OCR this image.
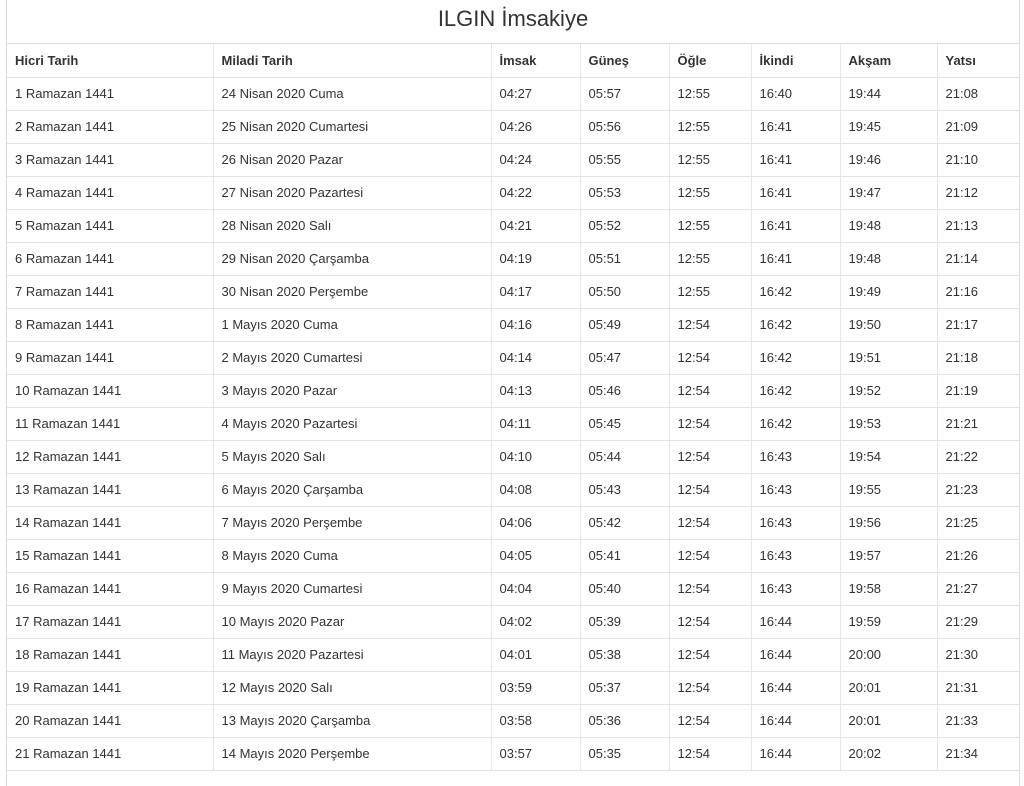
ILGIN İmsakiye
Hicri Tarih	Miladi Tarih	İmsak	Güneş	Öğle	İkindi	Akşam	Yatsı
1 Ramazan 1441	24 Nisan 2020 Cuma	04:27	05:57	12:55	16:40	19:44	21:08
2 Ramazan 1441	25 Nisan 2020 Cumartesi	04:26	05:56	12:55	16:41	19:45	21:09
3 Ramazan 1441	26 Nisan 2020 Pazar	04:24	05:55	12:55	16:41	19:46	21:10
4 Ramazan 1441	27 Nisan 2020 Pazartesi	04:22	05:53	12:55	16:41	19:47	21:12
5 Ramazan 1441	28 Nisan 2020 Salı	04:21	05:52	12:55	16:41	19:48	21:13
6 Ramazan 1441	29 Nisan 2020 Çarşamba	04:19	05:51	12:55	16:41	19:48	21:14
7 Ramazan 1441	30 Nisan 2020 Perşembe	04:17	05:50	12:55	16:42	19:49	21:16
8 Ramazan 1441	1 Mayıs 2020 Cuma	04:16	05:49	12:54	16:42	19:50	21:17
9 Ramazan 1441	2 Mayıs 2020 Cumartesi	04:14	05:47	12:54	16:42	19:51	21:18
10 Ramazan 1441	3 Mayıs 2020 Pazar	04:13	05:46	12:54	16:42	19:52	21:19
11 Ramazan 1441	4 Mayıs 2020 Pazartesi	04:11	05:45	12:54	16:42	19:53	21:21
12 Ramazan 1441	5 Mayıs 2020 Salı	04:10	05:44	12:54	16:43	19:54	21:22
13 Ramazan 1441	6 Mayıs 2020 Çarşamba	04:08	05:43	12:54	16:43	19:55	21:23
14 Ramazan 1441	7 Mayıs 2020 Perşembe	04:06	05:42	12:54	16:43	19:56	21:25
15 Ramazan 1441	8 Mayıs 2020 Cuma	04:05	05:41	12:54	16:43	19:57	21:26
16 Ramazan 1441	9 Mayıs 2020 Cumartesi	04:04	05:40	12:54	16:43	19:58	21:27
17 Ramazan 1441	10 Mayıs 2020 Pazar	04:02	05:39	12:54	16:44	19:59	21:29
18 Ramazan 1441	11 Mayıs 2020 Pazartesi	04:01	05:38	12:54	16:44	20:00	21:30
19 Ramazan 1441	12 Mayıs 2020 Salı	03:59	05:37	12:54	16:44	20:01	21:31
20 Ramazan 1441	13 Mayıs 2020 Çarşamba	03:58	05:36	12:54	16:44	20:01	21:33
21 Ramazan 1441	14 Mayıs 2020 Perşembe	03:57	05:35	12:54	16:44	20:02	21:34
